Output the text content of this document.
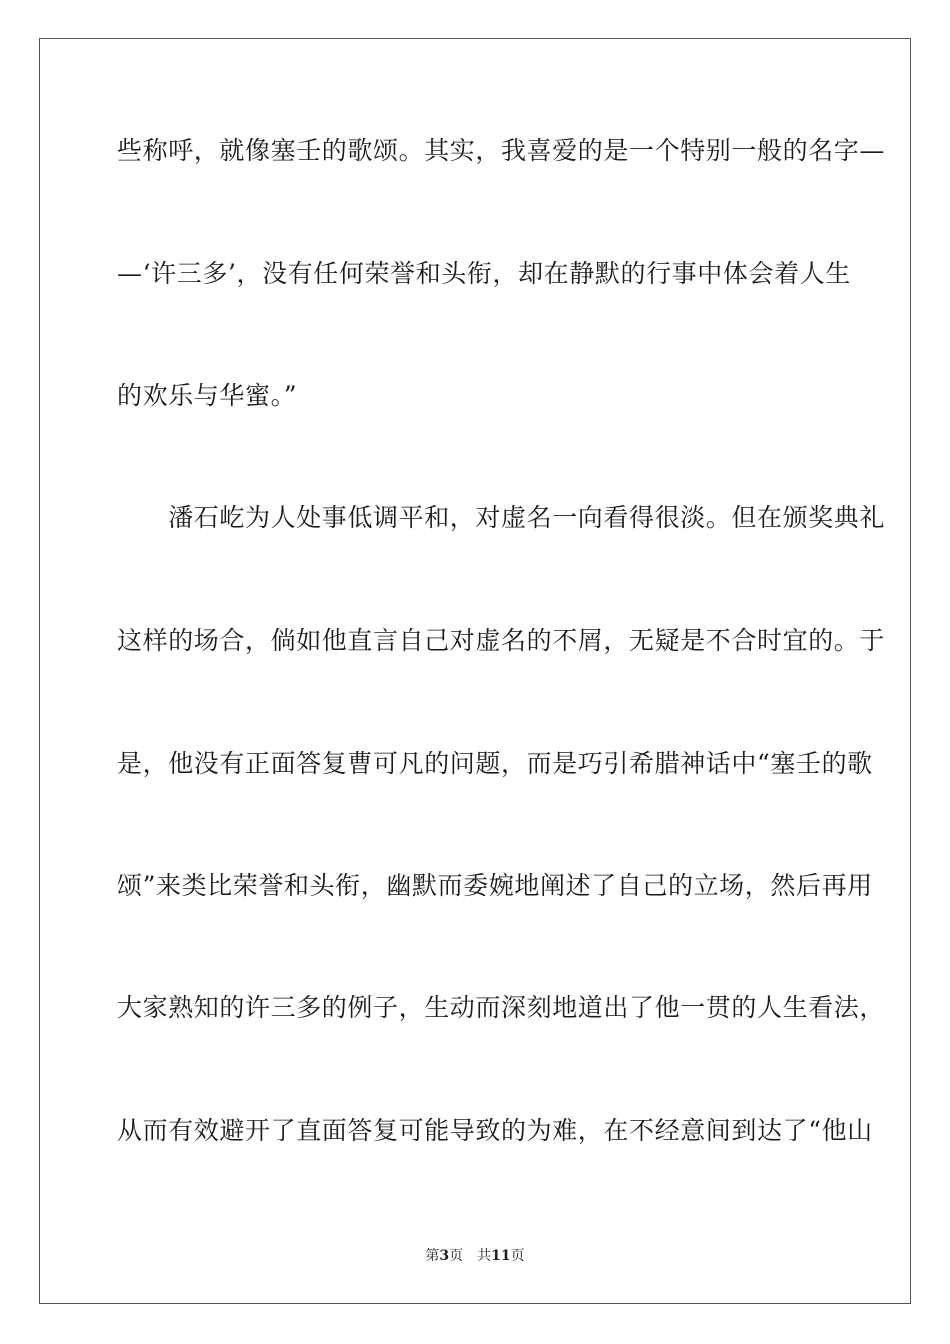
些称呼，就像塞壬的歌颂。其实，我喜爱的是一个特别一般的名字—
—‘许三多’，没有任何荣誉和头衔，却在静默的行事中体会着人生
的欢乐与华蜜。”
　　潘石屹为人处事低调平和，对虚名一向看得很淡。但在颁奖典礼
这样的场合，倘如他直言自己对虚名的不屑，无疑是不合时宜的。于
是，他没有正面答复曹可凡的问题，而是巧引希腊神话中“塞壬的歌
颂”来类比荣誉和头衔，幽默而委婉地阐述了自己的立场，然后再用
大家熟知的许三多的例子，生动而深刻地道出了他一贯的人生看法，
从而有效避开了直面答复可能导致的为难，在不经意间到达了“他山
第3页 共11页
